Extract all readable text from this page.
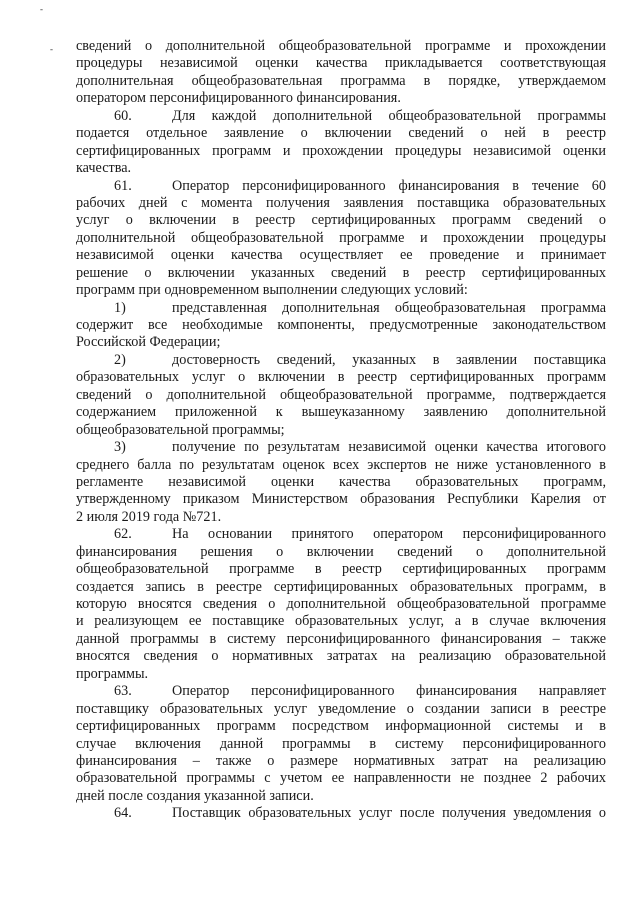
-
- сведений о дополнительной общеобразовательной программе и прохождении
процедуры независимой оценки качества прикладывается соответствующая
дополнительная общеобразовательная программа в порядке, утверждаемом
оператором персонифицированного финансирования.
60.	Для каждой дополнительной общеобразовательной программы
подается отдельное заявление о включении сведений о ней в реестр
сертифицированных программ и прохождении процедуры независимой оценки
качества.
61.	Оператор персонифицированного финансирования в течение 60
рабочих дней с момента получения заявления поставщика образовательных
услуг о включении в реестр сертифицированных программ сведений о
дополнительной общеобразовательной программе и прохождении процедуры
независимой оценки качества осуществляет ее проведение и принимает
решение о включении указанных сведений в реестр сертифицированных
программ при одновременном выполнении следующих условий:
1)	представленная дополнительная общеобразовательная программа
содержит все необходимые компоненты, предусмотренные законодательством
Российской Федерации;
2)	достоверность сведений, указанных в заявлении поставщика
образовательных услуг о включении в реестр сертифицированных программ
сведений о дополнительной общеобразовательной программе, подтверждается
содержанием приложенной к вышеуказанному заявлению дополнительной
общеобразовательной программы;
3)	получение по результатам независимой оценки качества итогового
среднего балла по результатам оценок всех экспертов не ниже установленного в
регламенте независимой оценки качества образовательных программ,
утвержденному приказом Министерством образования Республики Карелия от
2 июля 2019 года №721.
62.	На основании принятого оператором персонифицированного
финансирования решения о включении сведений о дополнительной
общеобразовательной программе в реестр сертифицированных программ
создается запись в реестре сертифицированных образовательных программ, в
которую вносятся сведения о дополнительной общеобразовательной программе
и реализующем ее поставщике образовательных услуг, а в случае включения
данной программы в систему персонифицированного финансирования – также
вносятся сведения о нормативных затратах на реализацию образовательной
программы.
63.	Оператор персонифицированного финансирования направляет
поставщику образовательных услуг уведомление о создании записи в реестре
сертифицированных программ посредством информационной системы и в
случае включения данной программы в систему персонифицированного
финансирования – также о размере нормативных затрат на реализацию
образовательной программы с учетом ее направленности не позднее 2 рабочих
дней после создания указанной записи.
64.	Поставщик образовательных услуг после получения уведомления о
